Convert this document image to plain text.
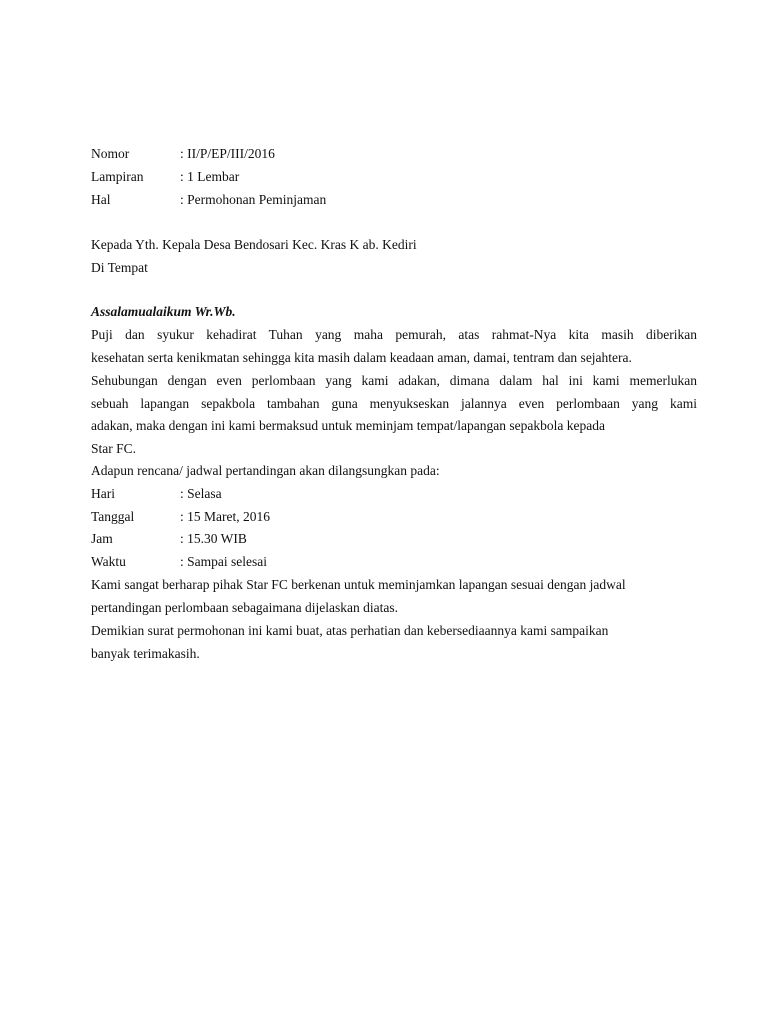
Nomor	: II/P/EP/III/2016
Lampiran	: 1 Lembar
Hal	: Permohonan Peminjaman
Kepada Yth. Kepala Desa Bendosari Kec. Kras K ab. Kediri
Di Tempat
Assalamualaikum Wr.Wb.
Puji dan syukur kehadirat Tuhan yang maha pemurah, atas rahmat-Nya kita masih diberikan
kesehatan serta kenikmatan sehingga kita masih dalam keadaan aman, damai, tentram dan sejahtera.
Sehubungan dengan even perlombaan yang kami adakan, dimana dalam hal ini kami memerlukan
sebuah lapangan sepakbola tambahan guna menyukseskan jalannya even perlombaan yang kami
adakan, maka dengan ini kami bermaksud untuk meminjam tempat/lapangan sepakbola kepada
Star FC.
Adapun rencana/ jadwal pertandingan akan dilangsungkan pada:
Hari	: Selasa
Tanggal	: 15 Maret, 2016
Jam	: 15.30 WIB
Waktu	: Sampai selesai
Kami sangat berharap pihak Star FC berkenan untuk meminjamkan lapangan sesuai dengan jadwal
pertandingan perlombaan sebagaimana dijelaskan diatas.
Demikian surat permohonan ini kami buat, atas perhatian dan kebersediaannya kami sampaikan
banyak terimakasih.
